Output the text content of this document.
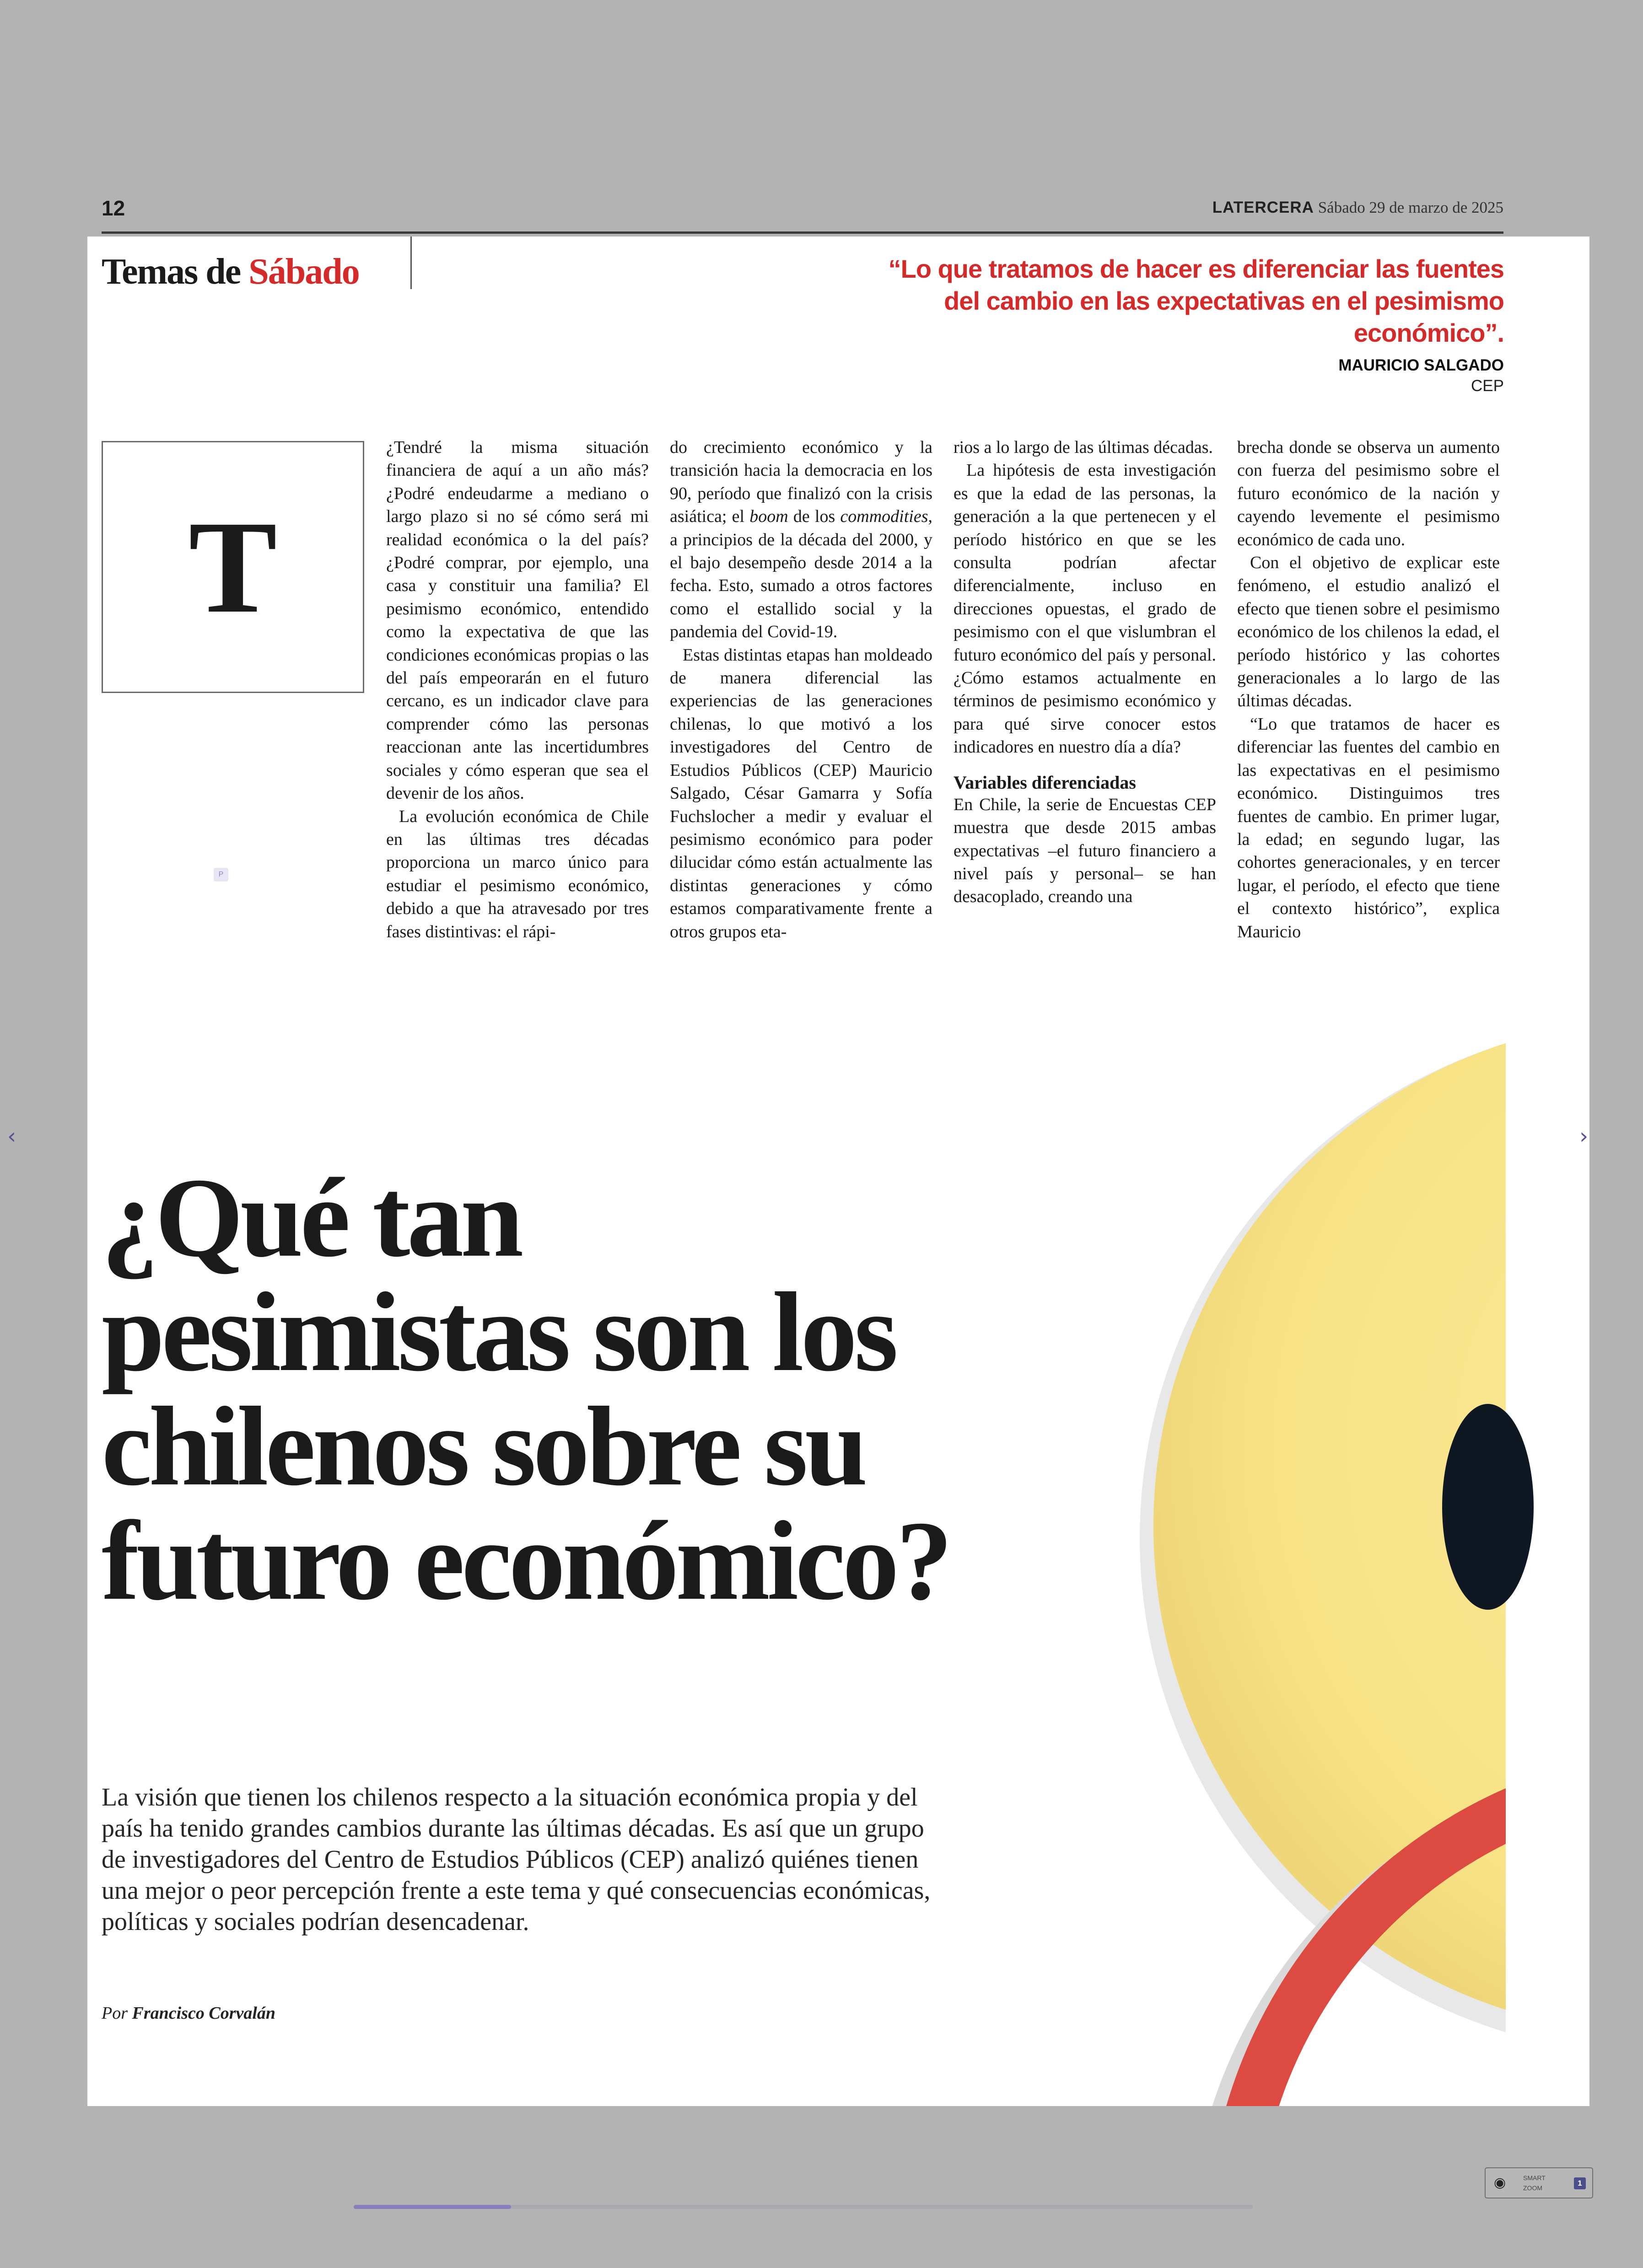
12	LATERCERA Sábado 29 de marzo de 2025
Temas de Sábado	“Lo que tratamos de hacer es diferenciar las fuentes del cambio en las expectativas en el pesimismo económico”.
MAURICIO SALGADO
CEP
T
P

¿Tendré la misma situación financiera de aquí a un año más? ¿Podré endeudarme a mediano o largo plazo si no sé cómo será mi realidad económica o la del país? ¿Podré comprar, por ejemplo, una casa y constituir una familia? El pesimismo económico, entendido como la expectativa de que las condiciones económicas propias o las del país empeorarán en el futuro cercano, es un indicador clave para comprender cómo las personas reaccionan ante las incertidumbres sociales y cómo esperan que sea el devenir de los años.

La evolución económica de Chile en las últimas tres décadas proporciona un marco único para estudiar el pesimismo económico, debido a que ha atravesado por tres fases distintivas: el rápi-

do crecimiento económico y la transición hacia la democracia en los 90, período que finalizó con la crisis asiática; el boom de los commodities, a principios de la década del 2000, y el bajo desempeño desde 2014 a la fecha. Esto, sumado a otros factores como el estallido social y la pandemia del Covid-19.

Estas distintas etapas han moldeado de manera diferencial las experiencias de las generaciones chilenas, lo que motivó a los investigadores del Centro de Estudios Públicos (CEP) Mauricio Salgado, César Gamarra y Sofía Fuchslocher a medir y evaluar el pesimismo económico para poder dilucidar cómo están actualmente las distintas generaciones y cómo estamos comparativamente frente a otros grupos eta-

rios a lo largo de las últimas décadas.

La hipótesis de esta investigación es que la edad de las personas, la generación a la que pertenecen y el período histórico en que se les consulta podrían afectar diferencialmente, incluso en direcciones opuestas, el grado de pesimismo con el que vislumbran el futuro económico del país y personal. ¿Cómo estamos actualmente en términos de pesimismo económico y para qué sirve conocer estos indicadores en nuestro día a día?

Variables diferenciadas

En Chile, la serie de Encuestas CEP muestra que desde 2015 ambas expectativas –el futuro financiero a nivel país y personal– se han desacoplado, creando una

brecha donde se observa un aumento con fuerza del pesimismo sobre el futuro económico de la nación y cayendo levemente el pesimismo económico de cada uno.

Con el objetivo de explicar este fenómeno, el estudio analizó el efecto que tienen sobre el pesimismo económico de los chilenos la edad, el período histórico y las cohortes generacionales a lo largo de las últimas décadas.

“Lo que tratamos de hacer es diferenciar las fuentes del cambio en las expectativas en el pesimismo económico. Distinguimos tres fuentes de cambio. En primer lugar, la edad; en segundo lugar, las cohortes generacionales, y en tercer lugar, el período, el efecto que tiene el contexto histórico”, explica Mauricio

¿Qué tan pesimistas son los chilenos sobre su futuro económico?

La visión que tienen los chilenos respecto a la situación económica propia y del país ha tenido grandes cambios durante las últimas décadas. Es así que un grupo de investigadores del Centro de Estudios Públicos (CEP) analizó quiénes tienen una mejor o peor percepción frente a este tema y qué consecuencias económicas, políticas y sociales podrían desencadenar.

Por Francisco Corvalán
‹	›
◉	SMART
ZOOM
1
